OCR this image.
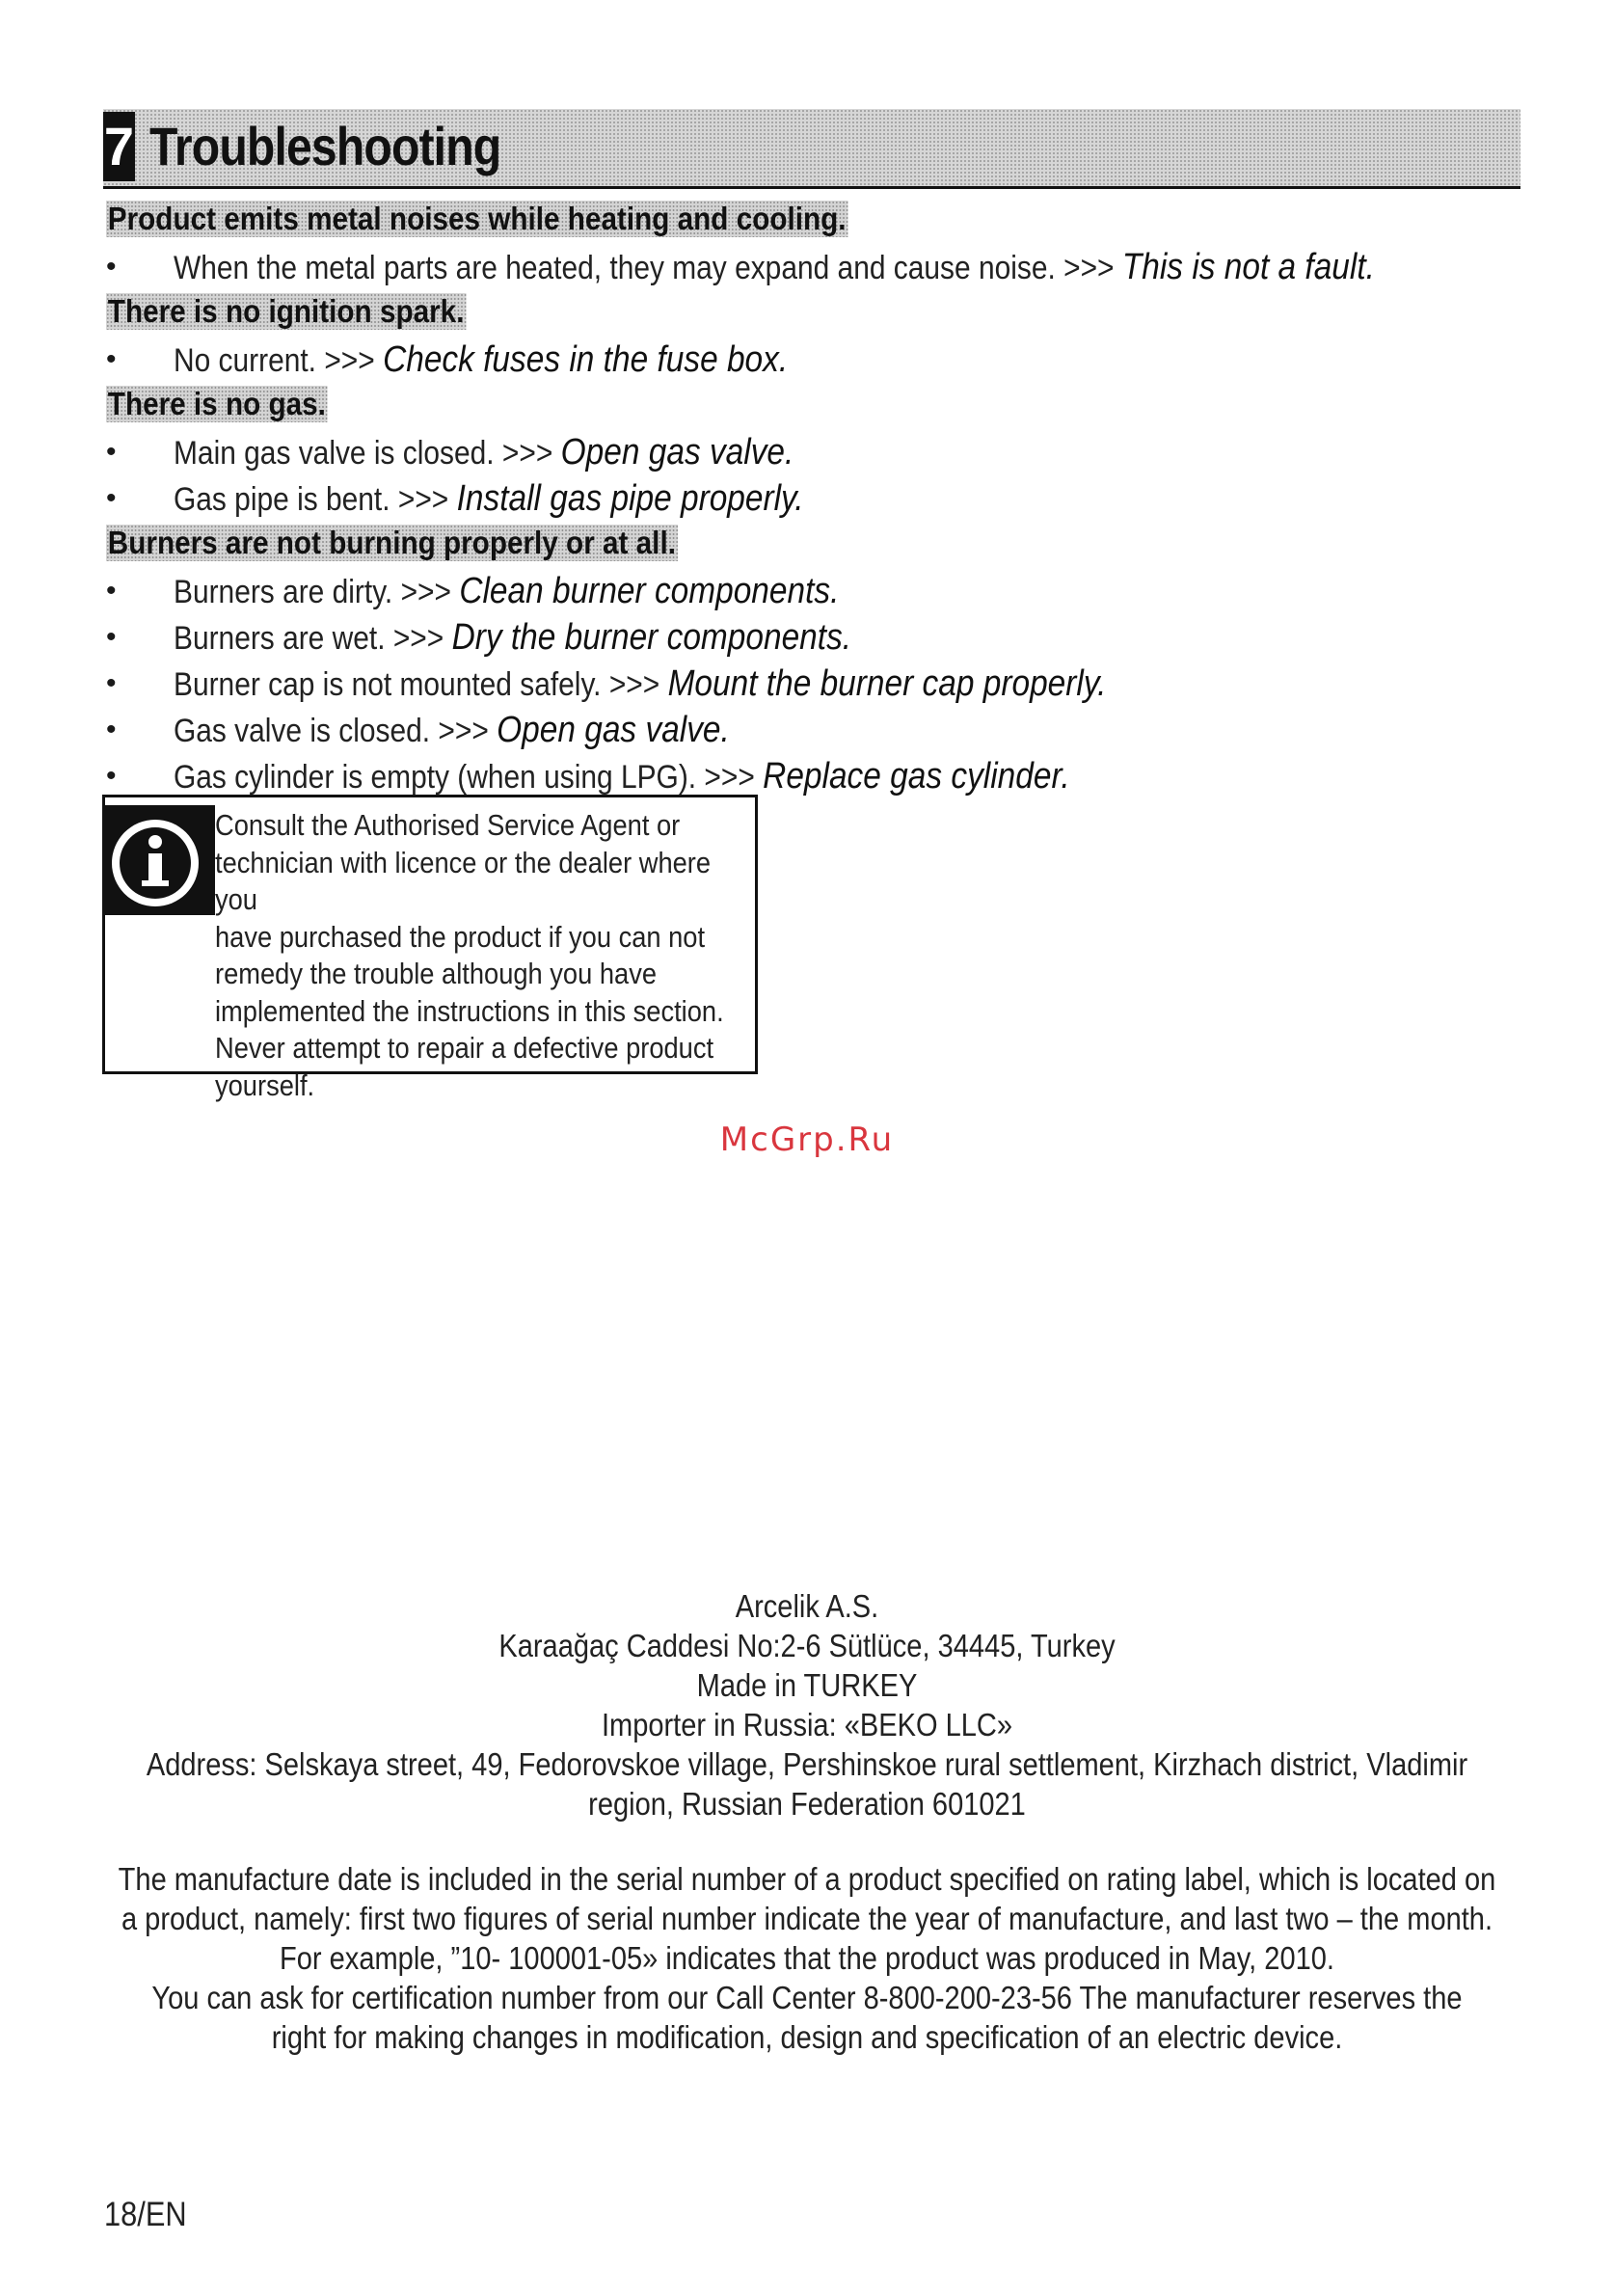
7 Troubleshooting
Product emits metal noises while heating and cooling.
•	When the metal parts are heated, they may expand and cause noise. >>> This is not a fault.
There is no ignition spark.
•	No current. >>> Check fuses in the fuse box.
There is no gas.
•	Main gas valve is closed. >>> Open gas valve.
•	Gas pipe is bent. >>> Install gas pipe properly.
Burners are not burning properly or at all.
•	Burners are dirty. >>> Clean burner components.
•	Burners are wet. >>> Dry the burner components.
•	Burner cap is not mounted safely. >>> Mount the burner cap properly.
•	Gas valve is closed. >>> Open gas valve.
•	Gas cylinder is empty (when using LPG). >>> Replace gas cylinder.
Consult the Authorised Service Agent or
technician with licence or the dealer where you
have purchased the product if you can not
remedy the trouble although you have
implemented the instructions in this section.
Never attempt to repair a defective product
yourself.
McGrp.Ru
Arcelik A.S.
Karaağaç Caddesi No:2-6 Sütlüce, 34445, Turkey
Made in TURKEY
Importer in Russia: «BEKO LLC»
Address: Selskaya street, 49, Fedorovskoe village, Pershinskoe rural settlement, Kirzhach district, Vladimir
region, Russian Federation 601021
The manufacture date is included in the serial number of a product specified on rating label, which is located on
a product, namely: first two figures of serial number indicate the year of manufacture, and last two – the month.
For example, ”10- 100001-05» indicates that the product was produced in May, 2010.
You can ask for certification number from our Call Center 8-800-200-23-56 The manufacturer reserves the
right for making changes in modification, design and specification of an electric device.
18/EN
